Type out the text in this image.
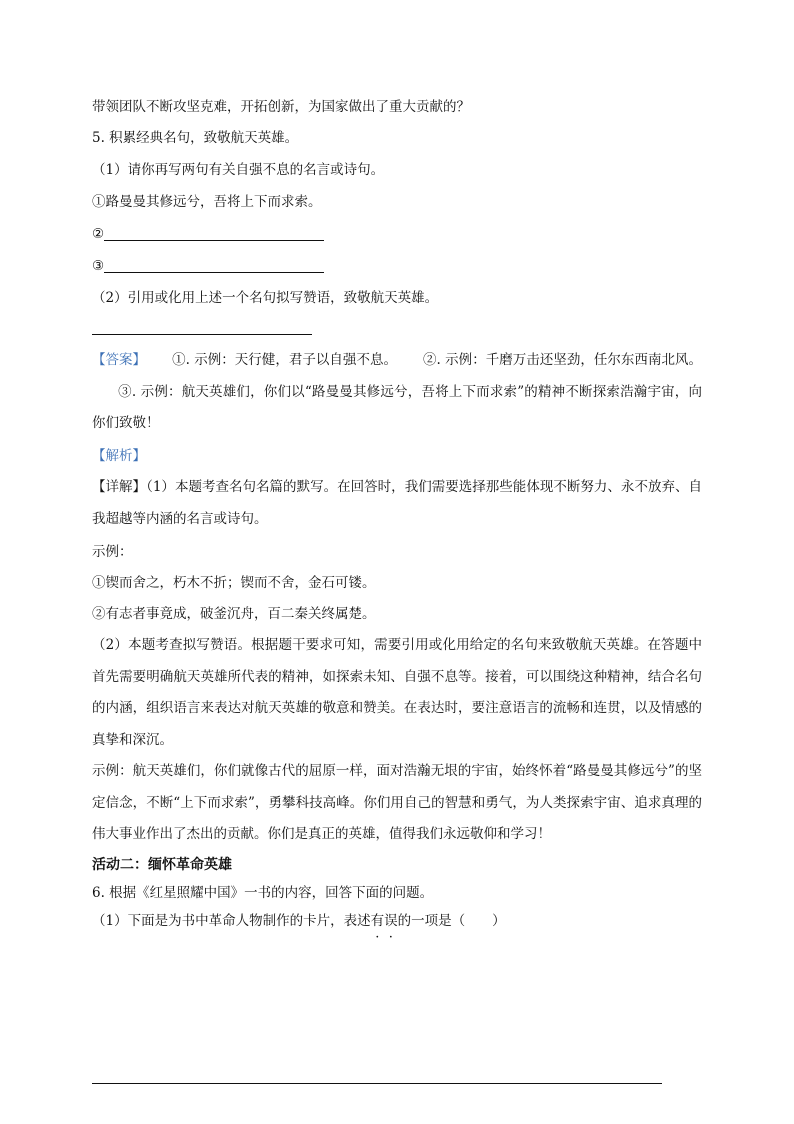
带领团队不断攻坚克难，开拓创新，为国家做出了重大贡献的？
5. 积累经典名句，致敬航天英雄。
（1）请你再写两句有关自强不息的名言或诗句。
①路曼曼其修远兮，吾将上下而求索。
②
③
（2）引用或化用上述一个名句拟写赞语，致敬航天英雄。
【答案】 ①. 示例：天行健，君子以自强不息。 ②. 示例：千磨万击还坚劲，任尔东西南北风。③. 示例：航天英雄们，你们以“路曼曼其修远兮，吾将上下而求索”的精神不断探索浩瀚宇宙，向你们致敬！
【解析】
【详解】（1）本题考查名句名篇的默写。在回答时，我们需要选择那些能体现不断努力、永不放弃、自我超越等内涵的名言或诗句。
示例：
①锲而舍之，朽木不折；锲而不舍，金石可镂。
②有志者事竟成，破釜沉舟，百二秦关终属楚。
（2）本题考查拟写赞语。根据题干要求可知，需要引用或化用给定的名句来致敬航天英雄。在答题中首先需要明确航天英雄所代表的精神，如探索未知、自强不息等。接着，可以围绕这种精神，结合名句的内涵，组织语言来表达对航天英雄的敬意和赞美。在表达时，要注意语言的流畅和连贯，以及情感的真挚和深沉。
示例：航天英雄们，你们就像古代的屈原一样，面对浩瀚无垠的宇宙，始终怀着“路曼曼其修远兮”的坚定信念，不断“上下而求索”，勇攀科技高峰。你们用自己的智慧和勇气，为人类探索宇宙、追求真理的伟大事业作出了杰出的贡献。你们是真正的英雄，值得我们永远敬仰和学习！
活动二：缅怀革命英雄
6. 根据《红星照耀中国》一书的内容，回答下面的问题。
（1）下面是为书中革命人物制作的卡片，表述有误的一项是（　　）
